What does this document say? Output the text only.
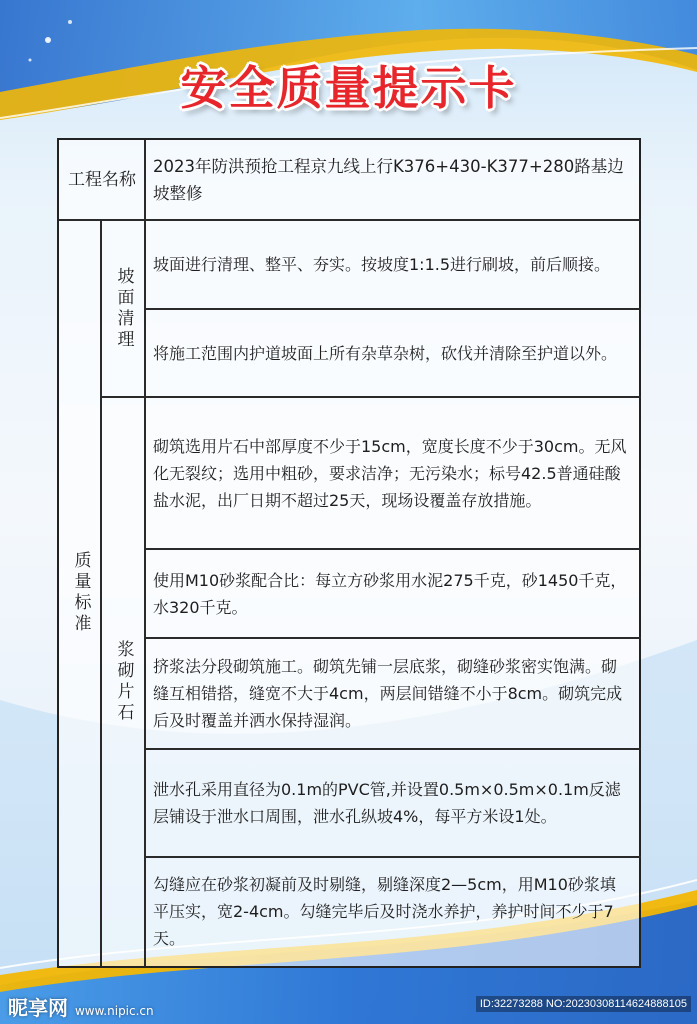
安全质量提示卡
工程名称
2023年防洪预抢工程京九线上行K376+430-K377+280路基边坡整修
质量标准
坡面清理
坡面进行清理、整平、夯实。按坡度1:1.5进行刷坡，前后顺接。
将施工范围内护道坡面上所有杂草杂树，砍伐并清除至护道以外。
浆砌片石
砌筑选用片石中部厚度不少于15cm，宽度长度不少于30cm。无风化无裂纹；选用中粗砂，要求洁净；无污染水；标号42.5普通硅酸盐水泥，出厂日期不超过25天，现场设覆盖存放措施。
使用M10砂浆配合比：每立方砂浆用水泥275千克，砂1450千克，水320千克。
挤浆法分段砌筑施工。砌筑先铺一层底浆，砌缝砂浆密实饱满。砌缝互相错搭，缝宽不大于4cm，两层间错缝不小于8cm。砌筑完成后及时覆盖并洒水保持湿润。
泄水孔采用直径为0.1m的PVC管,并设置0.5m×0.5m×0.1m反滤层铺设于泄水口周围，泄水孔纵坡4%，每平方米设1处。
勾缝应在砂浆初凝前及时剔缝，剔缝深度2—5cm，用M10砂浆填平压实，宽2-4cm。勾缝完毕后及时浇水养护，养护时间不少于7天。
昵享网 www.nipic.cn	ID:32273288 NO:20230308114624888105
